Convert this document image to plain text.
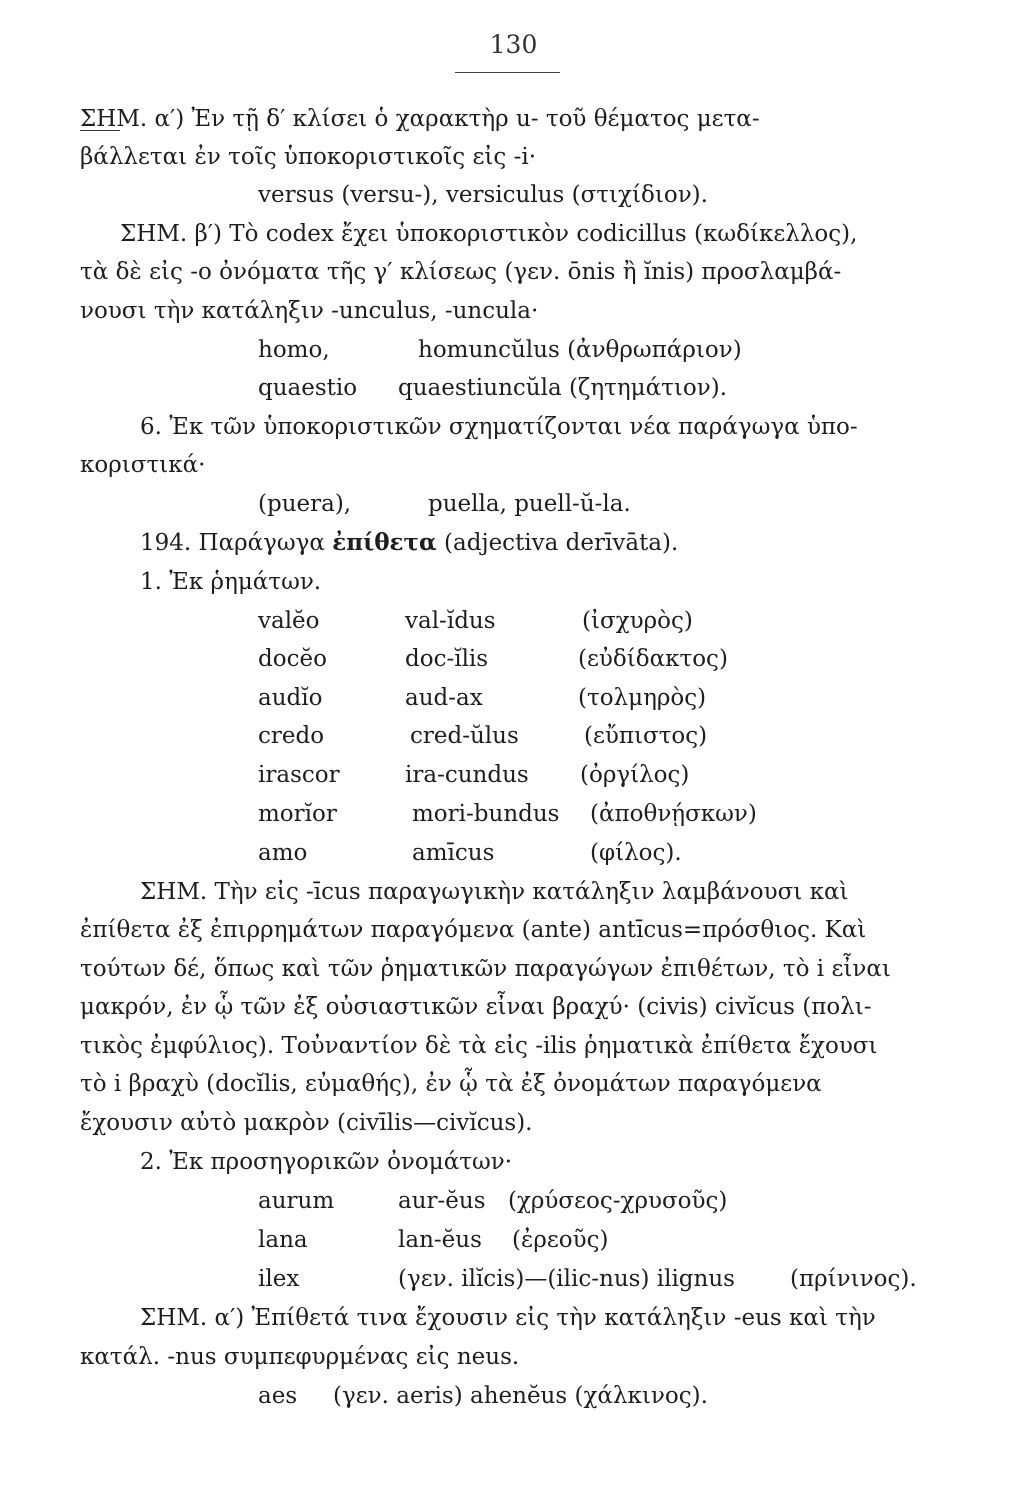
130
ΣΗΜ. α′) Ἐν τῇ δ′ κλίσει ὁ χαρακτὴρ u- τοῦ θέματος μετα-
βάλλεται ἐν τοῖς ὑποκοριστικοῖς εἰς -i·
versus (versu-), versiculus (στιχίδιον).
ΣΗΜ. β′) Τὸ codex ἔχει ὑποκοριστικὸν codicillus (κωδίκελλος),
τὰ δὲ εἰς -o ὀνόματα τῆς γ′ κλίσεως (γεν. ōnis ἢ ĭnis) προσλαμβά-
νουσι τὴν κατάληξιν -unculus, -uncula·
homo,	homuncŭlus (ἀνθρωπάριον)
quaestio quaestiuncŭla (ζητημάτιον).
6. Ἐκ τῶν ὑποκοριστικῶν σχηματίζονται νέα παράγωγα ὑπο-
κοριστικά·
(puera),	puella, puell-ŭ-la.
194. Παράγωγα ἐπίθετα (adjectiva derīvāta).
1. Ἐκ ῥημάτων.
valĕo	val-ĭdus	(ἰσχυρὸς)
docĕo	doc-ĭlis	(εὐδίδακτος)
audĭo	aud-ax	(τολμηρὸς)
credo	cred-ŭlus	(εὔπιστος)
irascor	ira-cundus (ὀργίλος)
morĭor	mori-bundus (ἀποθνῄσκων)
amo	amīcus	(φίλος).
ΣΗΜ. Τὴν εἰς -īcus παραγωγικὴν κατάληξιν λαμβάνουσι καὶ
ἐπίθετα ἐξ ἐπιρρημάτων παραγόμενα (ante) antīcus=πρόσθιος. Καὶ
τούτων δέ, ὅπως καὶ τῶν ῥηματικῶν παραγώγων ἐπιθέτων, τὸ i εἶναι
μακρόν, ἐν ᾧ τῶν ἐξ οὐσιαστικῶν εἶναι βραχύ· (civis) civĭcus (πολι-
τικὸς ἐμφύλιος). Τοὐναντίον δὲ τὰ εἰς -ilis ῥηματικὰ ἐπίθετα ἔχουσι
τὸ i βραχὺ (docĭlis, εὐμαθής), ἐν ᾧ τὰ ἐξ ὀνομάτων παραγόμενα
ἔχουσιν αὐτὸ μακρὸν (civīlis—civĭcus).
2. Ἐκ προσηγορικῶν ὀνομάτων·
aurum	aur-ĕus (χρύσεος-χρυσοῦς)
lana	lan-ĕus (ἐρεοῦς)
ilex	(γεν. ilĭcis)—(ilic-nus) ilignus (πρίνινος).
ΣΗΜ. α′) Ἐπίθετά τινα ἔχουσιν εἰς τὴν κατάληξιν -eus καὶ τὴν
κατάλ. -nus συμπεφυρμένας εἰς neus.
aes (γεν. aeris) ahenĕus (χάλκινος).
